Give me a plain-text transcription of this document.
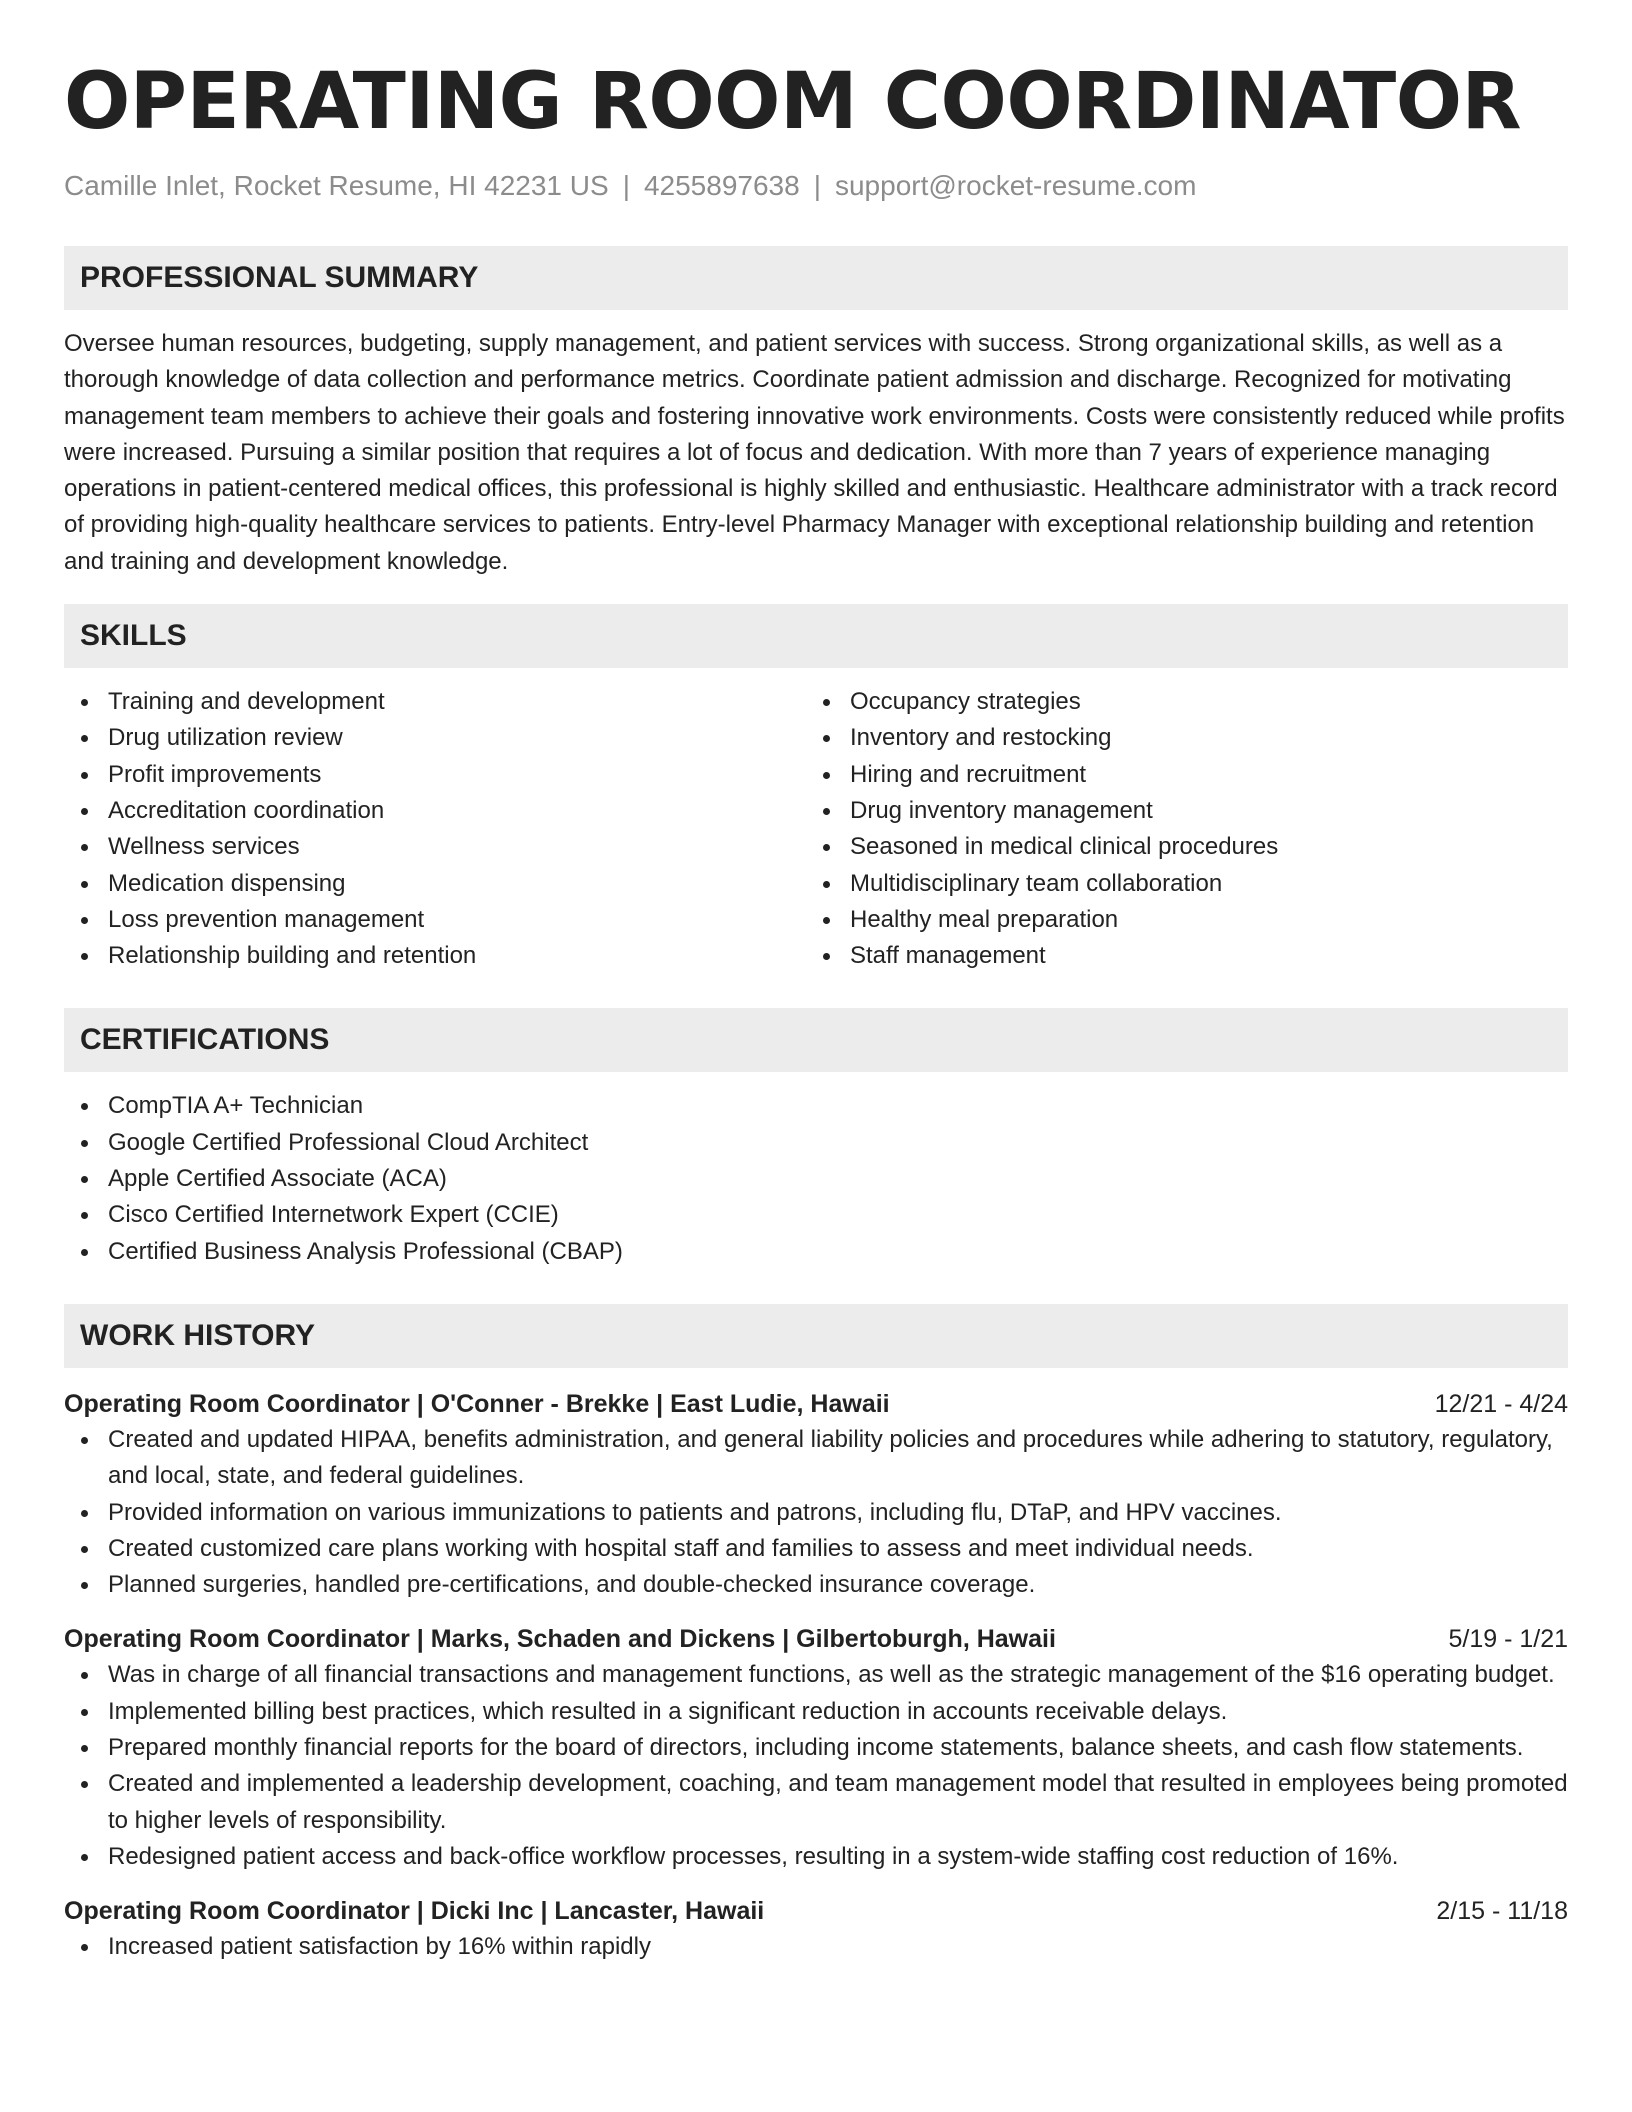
OPERATING ROOM COORDINATOR
Camille Inlet, Rocket Resume, HI 42231 US | 4255897638 | support@rocket-resume.com
PROFESSIONAL SUMMARY
Oversee human resources, budgeting, supply management, and patient services with success. Strong organizational skills, as well as a thorough knowledge of data collection and performance metrics. Coordinate patient admission and discharge. Recognized for motivating management team members to achieve their goals and fostering innovative work environments. Costs were consistently reduced while profits were increased. Pursuing a similar position that requires a lot of focus and dedication. With more than 7 years of experience managing operations in patient-centered medical offices, this professional is highly skilled and enthusiastic. Healthcare administrator with a track record of providing high-quality healthcare services to patients. Entry-level Pharmacy Manager with exceptional relationship building and retention and training and development knowledge.
SKILLS
Training and development
Drug utilization review
Profit improvements
Accreditation coordination
Wellness services
Medication dispensing
Loss prevention management
Relationship building and retention
Occupancy strategies
Inventory and restocking
Hiring and recruitment
Drug inventory management
Seasoned in medical clinical procedures
Multidisciplinary team collaboration
Healthy meal preparation
Staff management
CERTIFICATIONS
CompTIA A+ Technician
Google Certified Professional Cloud Architect
Apple Certified Associate (ACA)
Cisco Certified Internetwork Expert (CCIE)
Certified Business Analysis Professional (CBAP)
WORK HISTORY
Operating Room Coordinator | O'Conner - Brekke | East Ludie, Hawaii	12/21 - 4/24
Created and updated HIPAA, benefits administration, and general liability policies and procedures while adhering to statutory, regulatory, and local, state, and federal guidelines.
Provided information on various immunizations to patients and patrons, including flu, DTaP, and HPV vaccines.
Created customized care plans working with hospital staff and families to assess and meet individual needs.
Planned surgeries, handled pre-certifications, and double-checked insurance coverage.
Operating Room Coordinator | Marks, Schaden and Dickens | Gilbertoburgh, Hawaii	5/19 - 1/21
Was in charge of all financial transactions and management functions, as well as the strategic management of the $16 operating budget.
Implemented billing best practices, which resulted in a significant reduction in accounts receivable delays.
Prepared monthly financial reports for the board of directors, including income statements, balance sheets, and cash flow statements.
Created and implemented a leadership development, coaching, and team management model that resulted in employees being promoted to higher levels of responsibility.
Redesigned patient access and back-office workflow processes, resulting in a system-wide staffing cost reduction of 16%.
Operating Room Coordinator | Dicki Inc | Lancaster, Hawaii	2/15 - 11/18
Increased patient satisfaction by 16% within rapidly
